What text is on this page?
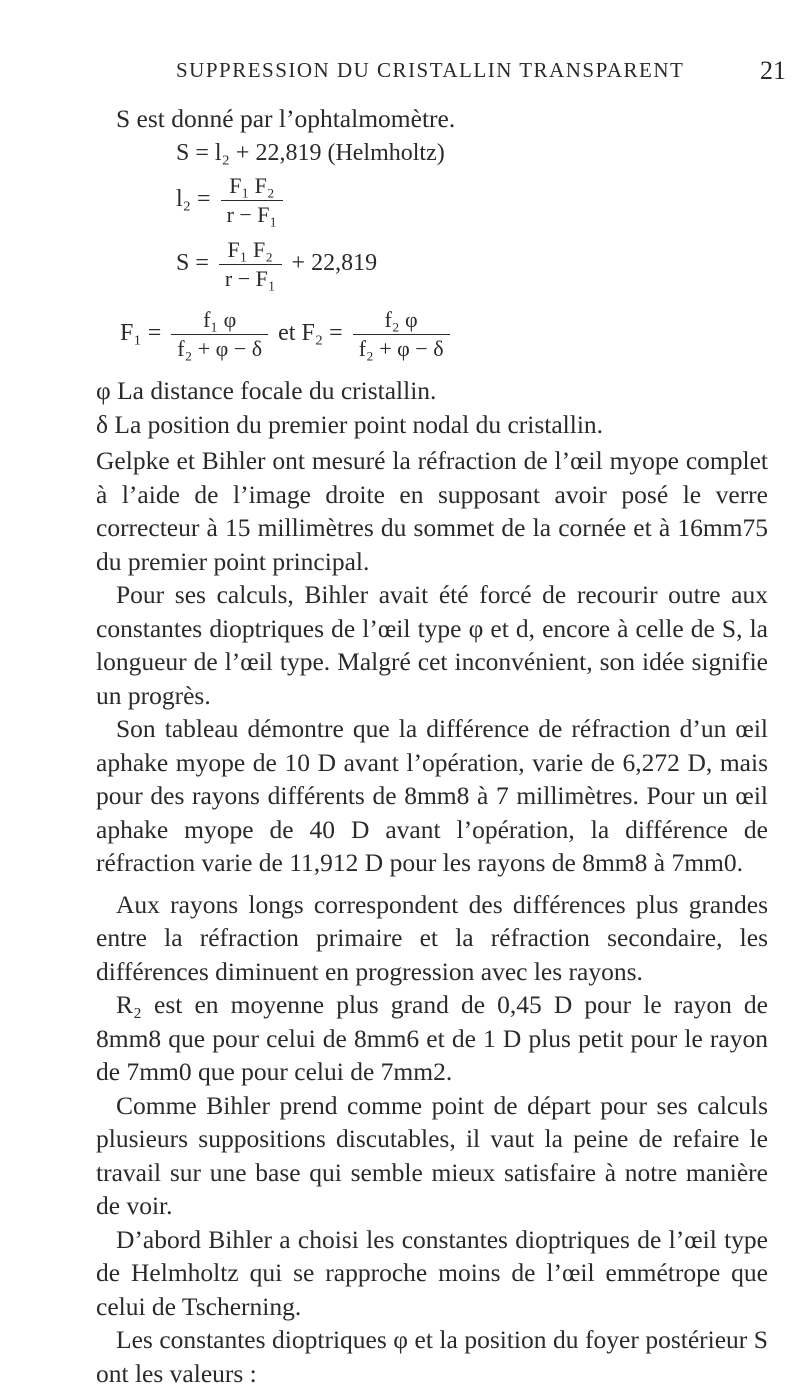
SUPPRESSION DU CRISTALLIN TRANSPARENT	21
S est donné par l’ophtalmomètre.
S = l₂ + 22,819 (Helmholtz)
$l_2 = \frac{\text{F₁ F₂}}{\text{r − F₁}}$
$S = \frac{\text{F₁ F₂}}{\text{r − F₁}} + 22,819$
$F_1 = \frac{\text{f₁ φ}}{\text{f₂ + φ − δ}}$ et $F_2 = \frac{\text{f₂ φ}}{\text{f₂ + φ − δ}}$
φ La distance focale du cristallin.
δ La position du premier point nodal du cristallin.

Gelpke et Bihler ont mesuré la réfraction de l’œil myope complet à l’aide de l’image droite en supposant avoir posé le verre correcteur à 15 millimètres du sommet de la cornée et à 16mm75 du premier point principal.

Pour ses calculs, Bihler avait été forcé de recourir outre aux constantes dioptriques de l’œil type φ et d, encore à celle de S, la longueur de l’œil type. Malgré cet inconvénient, son idée signifie un progrès.

Son tableau démontre que la différence de réfraction d’un œil aphake myope de 10 D avant l’opération, varie de 6,272 D, mais pour des rayons différents de 8mm8 à 7 millimètres. Pour un œil aphake myope de 40 D avant l’opération, la différence de réfraction varie de 11,912 D pour les rayons de 8mm8 à 7mm0.

Aux rayons longs correspondent des différences plus grandes entre la réfraction primaire et la réfraction secondaire, les différences diminuent en progression avec les rayons.

R₂ est en moyenne plus grand de 0,45 D pour le rayon de 8mm8 que pour celui de 8mm6 et de 1 D plus petit pour le rayon de 7mm0 que pour celui de 7mm2.

Comme Bihler prend comme point de départ pour ses calculs plusieurs suppositions discutables, il vaut la peine de refaire le travail sur une base qui semble mieux satisfaire à notre manière de voir.

D’abord Bihler a choisi les constantes dioptriques de l’œil type de Helmholtz qui se rapproche moins de l’œil emmétrope que celui de Tscherning.

Les constantes dioptriques φ et la position du foyer postérieur S ont les valeurs :
